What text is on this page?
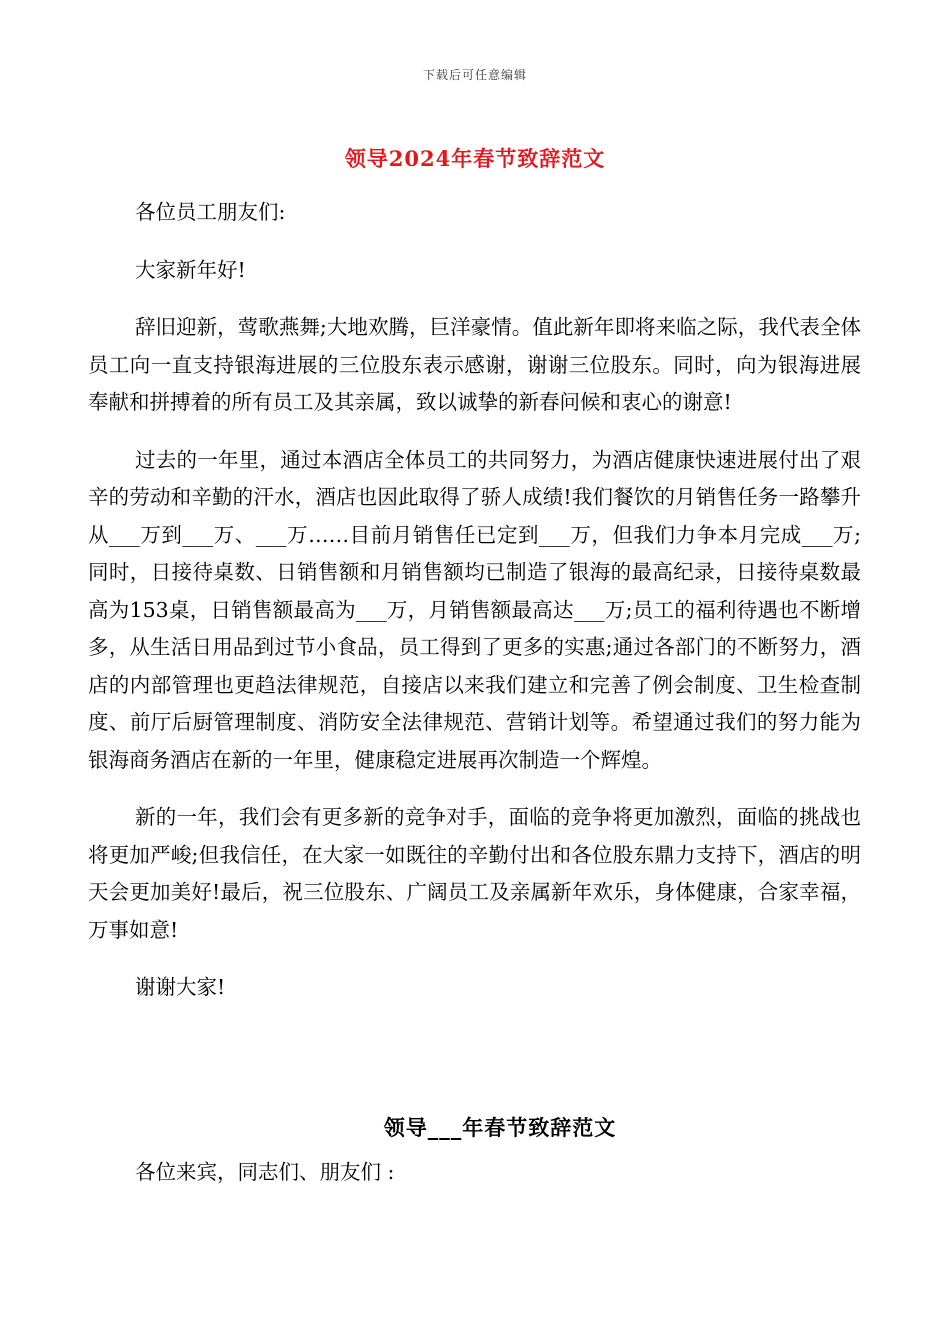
下载后可任意编辑
领导2024年春节致辞范文

各位员工朋友们:

大家新年好!

辞旧迎新，莺歌燕舞;大地欢腾，巨洋豪情。值此新年即将来临之际，我代表全体员工向一直支持银海进展的三位股东表示感谢，谢谢三位股东。同时，向为银海进展奉献和拼搏着的所有员工及其亲属，致以诚挚的新春问候和衷心的谢意!

过去的一年里，通过本酒店全体员工的共同努力，为酒店健康快速进展付出了艰辛的劳动和辛勤的汗水，酒店也因此取得了骄人成绩!我们餐饮的月销售任务一路攀升从___万到___万、___万……目前月销售任已定到___万，但我们力争本月完成___万;同时，日接待桌数、日销售额和月销售额均已制造了银海的最高纪录，日接待桌数最高为153桌，日销售额最高为___万，月销售额最高达___万;员工的福利待遇也不断增多，从生活日用品到过节小食品，员工得到了更多的实惠;通过各部门的不断努力，酒店的内部管理也更趋法律规范，自接店以来我们建立和完善了例会制度、卫生检查制度、前厅后厨管理制度、消防安全法律规范、营销计划等。希望通过我们的努力能为银海商务酒店在新的一年里，健康稳定进展再次制造一个辉煌。

新的一年，我们会有更多新的竞争对手，面临的竞争将更加激烈，面临的挑战也将更加严峻;但我信任，在大家一如既往的辛勤付出和各位股东鼎力支持下，酒店的明天会更加美好!最后，祝三位股东、广阔员工及亲属新年欢乐，身体健康，合家幸福，万事如意!

谢谢大家!

领导___年春节致辞范文

各位来宾，同志们、朋友们 :
